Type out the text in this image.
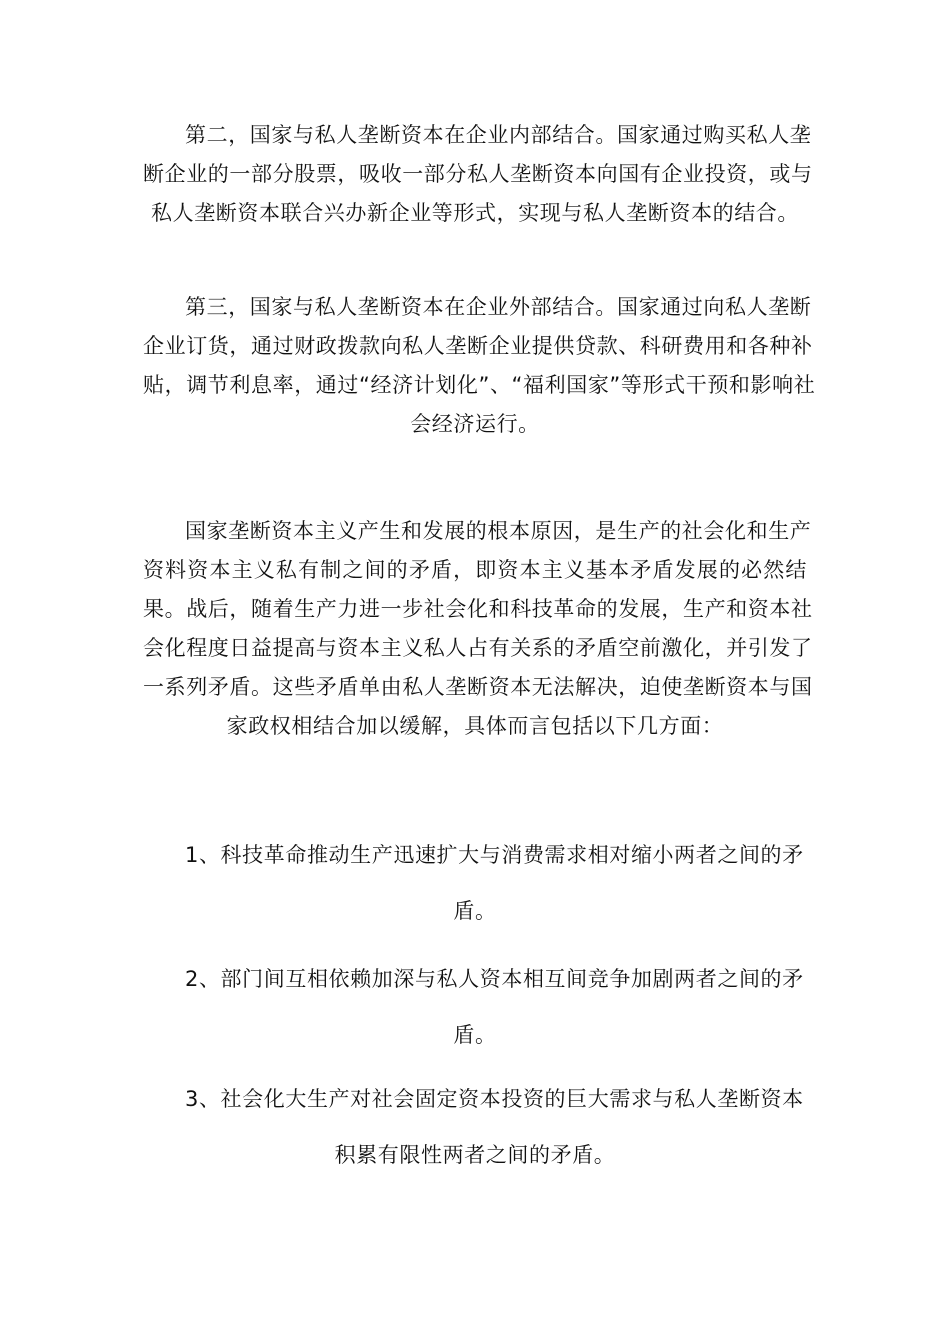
第二，国家与私人垄断资本在企业内部结合。国家通过购买私人垄
断企业的一部分股票，吸收一部分私人垄断资本向国有企业投资，或与
私人垄断资本联合兴办新企业等形式，实现与私人垄断资本的结合。
第三，国家与私人垄断资本在企业外部结合。国家通过向私人垄断
企业订货，通过财政拨款向私人垄断企业提供贷款、科研费用和各种补
贴，调节利息率，通过“经济计划化”、“福利国家”等形式干预和影响社
会经济运行。
国家垄断资本主义产生和发展的根本原因，是生产的社会化和生产
资料资本主义私有制之间的矛盾，即资本主义基本矛盾发展的必然结
果。战后，随着生产力进一步社会化和科技革命的发展，生产和资本社
会化程度日益提高与资本主义私人占有关系的矛盾空前激化，并引发了
一系列矛盾。这些矛盾单由私人垄断资本无法解决，迫使垄断资本与国
家政权相结合加以缓解，具体而言包括以下几方面：
1、科技革命推动生产迅速扩大与消费需求相对缩小两者之间的矛
盾。
2、部门间互相依赖加深与私人资本相互间竞争加剧两者之间的矛
盾。
3、社会化大生产对社会固定资本投资的巨大需求与私人垄断资本
积累有限性两者之间的矛盾。
